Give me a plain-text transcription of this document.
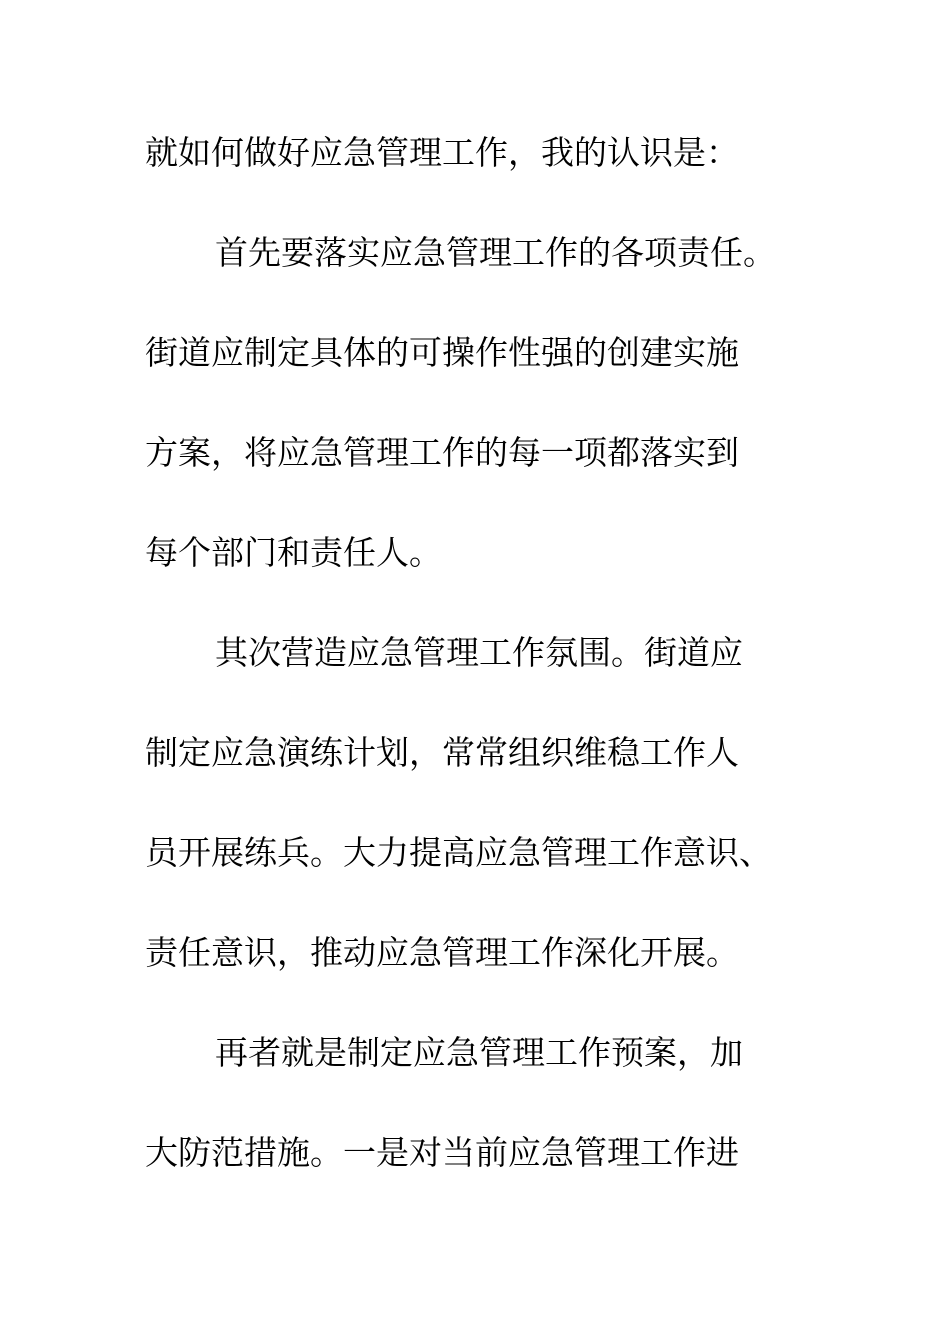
就如何做好应急管理工作，我的认识是：
首先要落实应急管理工作的各项责任。
街道应制定具体的可操作性强的创建实施
方案，将应急管理工作的每一项都落实到
每个部门和责任人。
其次营造应急管理工作氛围。街道应
制定应急演练计划，常常组织维稳工作人
员开展练兵。大力提高应急管理工作意识、
责任意识，推动应急管理工作深化开展。
再者就是制定应急管理工作预案，加
大防范措施。一是对当前应急管理工作进
